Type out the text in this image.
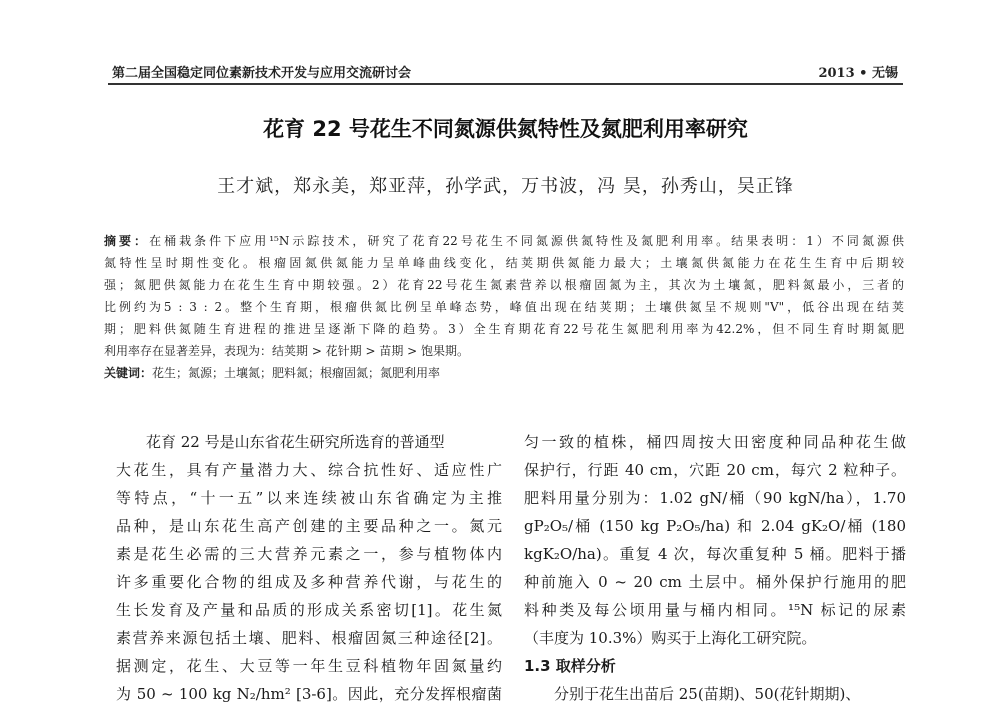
第二届全国稳定同位素新技术开发与应用交流研讨会	2013 • 无锡
花育 22 号花生不同氮源供氮特性及氮肥利用率研究
王才斌，郑永美，郑亚萍，孙学武，万书波，冯 昊，孙秀山，吴正锋
摘要：在桶栽条件下应用¹⁵N示踪技术，研究了花育22号花生不同氮源供氮特性及氮肥利用率。结果表明：1）不同氮源供
氮特性呈时期性变化。根瘤固氮供氮能力呈单峰曲线变化，结荚期供氮能力最大；土壤氮供氮能力在花生生育中后期较
强；氮肥供氮能力在花生生育中期较强。2）花育22号花生氮素营养以根瘤固氮为主，其次为土壤氮，肥料氮最小，三者的
比例约为5 : 3 : 2。整个生育期，根瘤供氮比例呈单峰态势，峰值出现在结荚期；土壤供氮呈不规则"V"，低谷出现在结荚
期；肥料供氮随生育进程的推进呈逐渐下降的趋势。3）全生育期花育22号花生氮肥利用率为42.2%，但不同生育时期氮肥
利用率存在显著差异，表现为：结荚期 > 花针期 > 苗期 > 饱果期。
关键词：花生；氮源；土壤氮；肥料氮；根瘤固氮；氮肥利用率
花育 22 号是山东省花生研究所选育的普通型
大花生，具有产量潜力大、综合抗性好、适应性广
等特点，“十一五”以来连续被山东省确定为主推
品种，是山东花生高产创建的主要品种之一。氮元
素是花生必需的三大营养元素之一，参与植物体内
许多重要化合物的组成及多种营养代谢，与花生的
生长发育及产量和品质的形成关系密切[1]。花生氮
素营养来源包括土壤、肥料、根瘤固氮三种途径[2]。
据测定，花生、大豆等一年生豆科植物年固氮量约
为 50 ~ 100 kg N₂/hm² [3-6]。因此，充分发挥根瘤菌
匀一致的植株，桶四周按大田密度种同品种花生做
保护行，行距 40 cm，穴距 20 cm，每穴 2 粒种子。
肥料用量分别为：1.02 gN/桶（90 kgN/ha），1.70
gP₂O₅/桶 (150 kg P₂O₅/ha) 和 2.04 gK₂O/桶 (180
kgK₂O/ha)。重复 4 次，每次重复种 5 桶。肥料于播
种前施入 0 ~ 20 cm 土层中。桶外保护行施用的肥
料种类及每公顷用量与桶内相同。¹⁵N 标记的尿素
（丰度为 10.3%）购买于上海化工研究院。
1.3 取样分析
分别于花生出苗后 25(苗期)、50(花针期期)、
